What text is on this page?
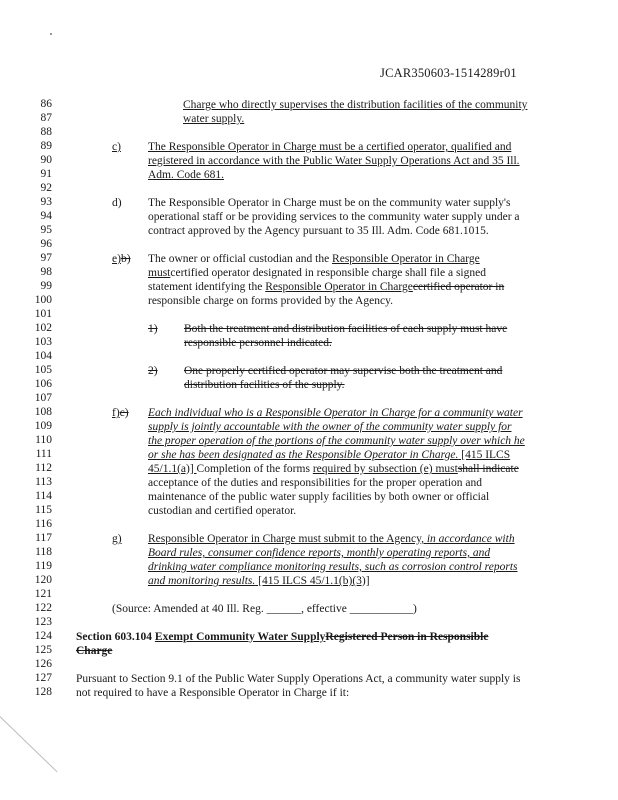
JCAR350603-1514289r01
86
87
88
89
90
91
92
93
94
95
96
97
98
99
100
101
102
103
104
105
106
107
108
109
110
111
112
113
114
115
116
117
118
119
120
121
122
123
124
125
126
127
128
Charge who directly supervises the distribution facilities of the community
water supply.
c) The Responsible Operator in Charge must be a certified operator, qualified and
registered in accordance with the Public Water Supply Operations Act and 35 Ill.
Adm. Code 681.
d) The Responsible Operator in Charge must be on the community water supply's
operational staff or be providing services to the community water supply under a
contract approved by the Agency pursuant to 35 Ill. Adm. Code 681.1015.
e)b) The owner or official custodian and the Responsible Operator in Charge
mustcertified operator designated in responsible charge shall file a signed
statement identifying the Responsible Operator in Chargecertified operator in
responsible charge on forms provided by the Agency.
1) Both the treatment and distribution facilities of each supply must have
responsible personnel indicated.
2) One properly certified operator may supervise both the treatment and
distribution facilities of the supply.
f)c) Each individual who is a Responsible Operator in Charge for a community water
supply is jointly accountable with the owner of the community water supply for
the proper operation of the portions of the community water supply over which he
or she has been designated as the Responsible Operator in Charge. [415 ILCS
45/1.1(a)] Completion of the forms required by subsection (e) mustshall indicate
acceptance of the duties and responsibilities for the proper operation and
maintenance of the public water supply facilities by both owner or official
custodian and certified operator.
g) Responsible Operator in Charge must submit to the Agency, in accordance with
Board rules, consumer confidence reports, monthly operating reports, and
drinking water compliance monitoring results, such as corrosion control reports
and monitoring results. [415 ILCS 45/1.1(b)(3)]
(Source: Amended at 40 Ill. Reg. ______, effective ___________)
Section 603.104 Exempt Community Water SupplyRegistered Person in Responsible
Charge
Pursuant to Section 9.1 of the Public Water Supply Operations Act, a community water supply is
not required to have a Responsible Operator in Charge if it:
